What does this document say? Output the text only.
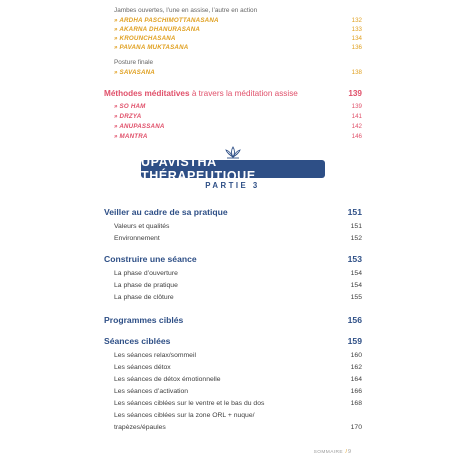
Jambes ouvertes, l’une en assise, l’autre en action
» ARDHA PASCHIMOTTANASANA	132
» AKARNA DHANURASANA	133
» KROUNCHASANA	134
» PAVANA MUKTASANA	136
Posture finale
» SAVASANA	138
Méthodes méditatives à travers la méditation assise	139
» SO HAM	139
» DRZYA	141
» ANUPASSANA	142
» MANTRA	146
UPAVISTHA THÉRAPEUTIQUE
PARTIE 3
Veiller au cadre de sa pratique	151
Valeurs et qualités	151
Environnement	152
Construire une séance	153
La phase d’ouverture	154
La phase de pratique	154
La phase de clôture	155
Programmes ciblés	156
Séances ciblées	159
Les séances relax/sommeil	160
Les séances détox	162
Les séances de détox émotionnelle	164
Les séances d’activation	166
Les séances ciblées sur le ventre et le bas du dos	168
Les séances ciblées sur la zone ORL + nuque/
trapèzes/épaules	170
SOMMAIRE / 9
